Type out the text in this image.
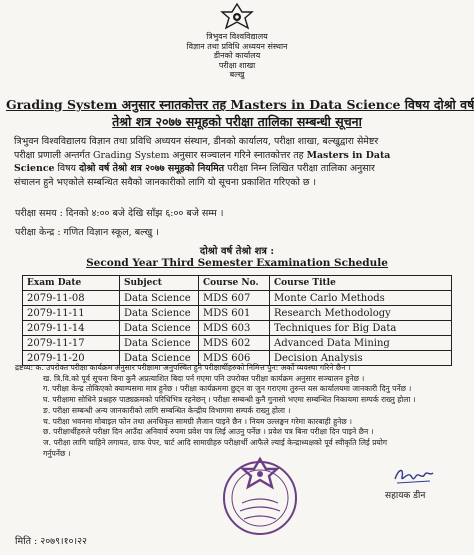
त्रिभुवन विश्वविद्यालय
विज्ञान तथा प्रविधि अध्ययन संस्थान
डीनको कार्यालय
परीक्षा शाखा
बल्खु
Grading System अनुसार स्नातकोत्तर तह Masters in Data Science विषय दोश्रो वर्ष
तेश्रो शत्र २०७७ समूहको परीक्षा तालिका सम्बन्धी सूचना
त्रिभुवन विश्वविद्यालय विज्ञान तथा प्रविधि अध्ययन संस्थान, डीनको कार्यालय, परीक्षा शाखा, बल्खुद्वारा सेमेष्टर
परीक्षा प्रणाली अन्तर्गत Grading System अनुसार सञ्चालन गरिने स्नातकोत्तर तह Masters in Data
Science विषय दोश्रो वर्ष तेश्रो शत्र २०७७ समूहको नियमित परीक्षा निम्न लिखित परीक्षा तालिका अनुसार
संचालन हुने भएकोले सम्बन्धित सवैको जानकारीको लागि यो सूचना प्रकाशित गरिएको छ ।
परीक्षा समय : दिनको ४:०० बजे देखि साँझ ६:०० बजे सम्म ।
परीक्षा केन्द्र : गणित विज्ञान स्कूल, बल्खु ।
दोश्रो वर्ष तेश्रो शत्र :
Second Year Third Semester Examination Schedule
Exam Date	Subject	Course No.	Course Title
2079-11-08	Data Science	MDS 607	Monte Carlo Methods
2079-11-11	Data Science	MDS 601	Research Methodology
2079-11-14	Data Science	MDS 603	Techniques for Big Data
2079-11-17	Data Science	MDS 602	Advanced Data Mining
2079-11-20	Data Science	MDS 606	Decision Analysis
द्रष्टव्य: क. उपरोक्त परीक्षा कार्यक्रम अनुसार परीक्षामा अनुपस्थित हुने परीक्षार्थीहरुको निमित्त पुन: अर्को व्यवस्था गरिने छैन ।
ख. त्रि.वि.को पूर्व सूचना बिना कुनै अप्रत्याशित बिदा पर्न गएमा पनि उपरोक्त परीक्षा कार्यक्रम अनुसार सञ्चालन हुनेछ ।
ग. परीक्षा केन्द्र तोकिएको क्याम्पसमा मात्र हुनेछ । परीक्षा कार्यक्रममा छुट्न वा जुन गराएमा तुरुन्त यस कार्यालयमा जानकारी दिनु पर्नेछ ।
घ. परीक्षामा सोधिने प्रश्नहरु पाठ्यक्रमको परिधिभित्र रहनेछन् । परीक्षा सम्बन्धी कुनै गुनासो भएमा सम्बन्धित निकायमा सम्पर्क राख्नु होला ।
ङ. परीक्षा सम्बन्धी अन्य जानकारीको लागि सम्बन्धित केन्द्रीय विभागमा सम्पर्क राख्नु होला ।
च. परीक्षा भवनमा मोबाइल फोन तथा अनधिकृत सामग्री लैजान पाइने छैन । नियम उल्लङ्घन गरेमा कारबाही हुनेछ ।
छ. परीक्षार्थीहरुले परीक्षा दिन आउँदा अनिवार्य रुपमा प्रवेश पत्र लिई आउनु पर्नेछ । प्रवेश पत्र बिना परीक्षा दिन पाइने छैन ।
ज. परीक्षा लागि चाहिने लगायत, ग्राफ पेपर, चार्ट आदि सामाग्रीहरु परीक्षार्थी आफैले ल्याई केन्द्राध्यक्षको पूर्व स्वीकृति लिई प्रयोग
गर्नुपर्नेछ ।
सहायक डीन
मिति : २०७९।१०।२२
